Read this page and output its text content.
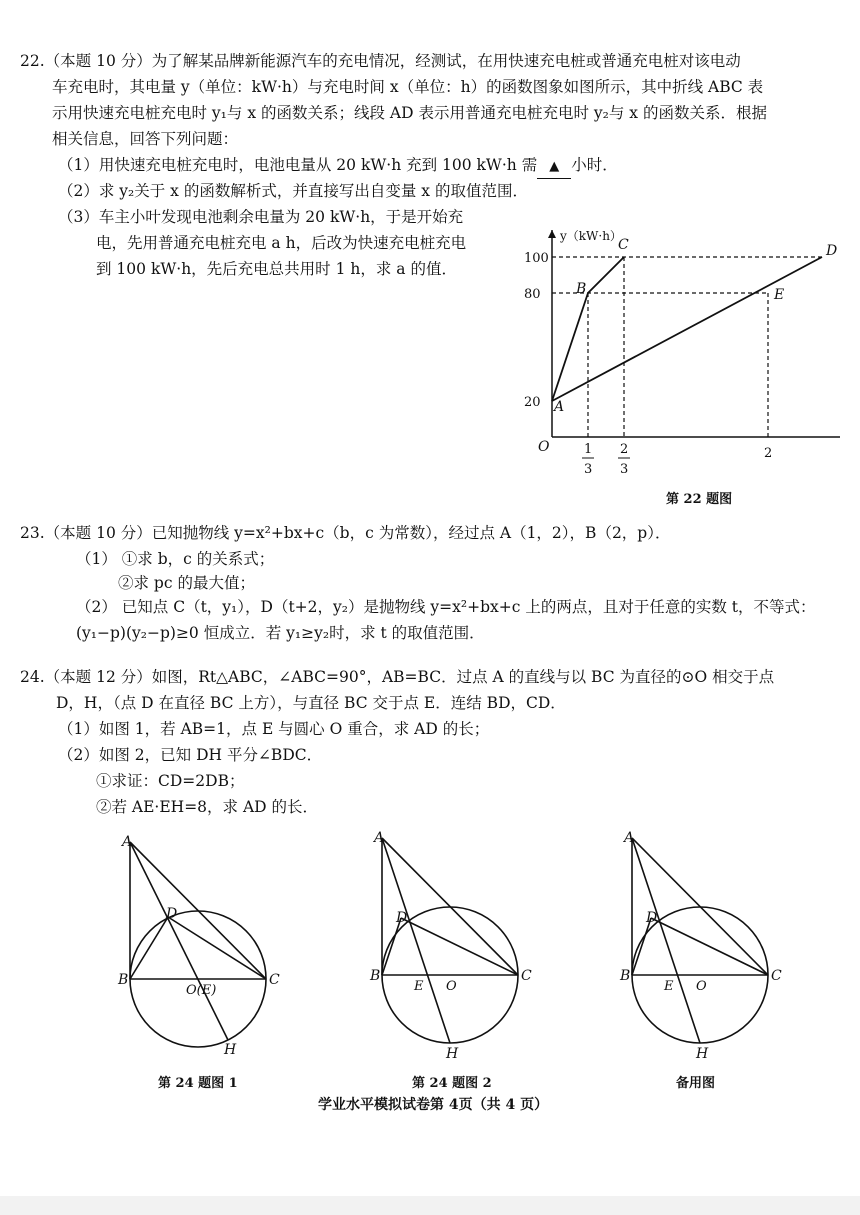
22.（本题 10 分）为了解某品牌新能源汽车的充电情况，经测试，在用快速充电桩或普通充电桩对该电动
车充电时，其电量 y（单位：kW·h）与充电时间 x（单位：h）的函数图象如图所示，其中折线 ABC 表
示用快速充电桩充电时 y₁与 x 的函数关系；线段 AD 表示用普通充电桩充电时 y₂与 x 的函数关系．根据
相关信息，回答下列问题：
（1）用快速充电桩充电时，电池电量从 20 kW·h 充到 100 kW·h 需 ▲ 小时．
（2）求 y₂关于 x 的函数解析式，并直接写出自变量 x 的取值范围．
（3）车主小叶发现电池剩余电量为 20 kW·h，于是开始充
电，先用普通充电桩充电 a h，后改为快速充电桩充电
到 100 kW·h，先后充电总共用时 1 h，求 a 的值．
y（kW·h）
O
A
B
C
E
D
100
80
20
1
3
2
3
2
第 22 题图
23.（本题 10 分）已知抛物线 y=x²+bx+c（b，c 为常数），经过点 A（1，2），B（2，p）．
（1） ①求 b，c 的关系式；
②求 pc 的最大值；
（2） 已知点 C（t，y₁），D（t+2，y₂）是抛物线 y=x²+bx+c 上的两点，且对于任意的实数 t，不等式：
(y₁−p)(y₂−p)≥0 恒成立．若 y₁≥y₂时，求 t 的取值范围．
24.（本题 12 分）如图，Rt△ABC，∠ABC=90°，AB=BC．过点 A 的直线与以 BC 为直径的⊙O 相交于点
D，H，（点 D 在直径 BC 上方），与直径 BC 交于点 E．连结 BD，CD．
（1）如图 1，若 AB=1，点 E 与圆心 O 重合，求 AD 的长；
（2）如图 2，已知 DH 平分∠BDC．
①求证：CD=2DB；
②若 AE·EH=8，求 AD 的长．
A
B	C
D
O(E)
H
第 24 题图 1
A
B	C
D
E O
H
第 24 题图 2
A
B	C
D
E O
H
备用图
学业水平模拟试卷第 4页（共 4 页）
